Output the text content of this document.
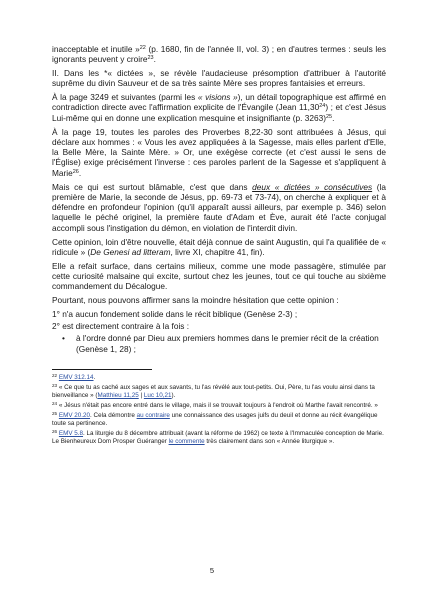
inacceptable et inutile »$^{22}$ (p. 1680, fin de l'année II, vol. 3) ; en d'autres termes : seuls les ignorants peuvent y croire$^{23}$.

II. Dans les *« dictées », se révèle l'audacieuse présomption d'attribuer à l'autorité suprême du divin Sauveur et de sa très sainte Mère ses propres fantaisies et erreurs.

À la page 3249 et suivantes (parmi les « visions »), un détail topographique est affirmé en contradiction directe avec l'affirmation explicite de l'Évangile (Jean 11,30$^{24}$) ; et c'est Jésus Lui-même qui en donne une explication mesquine et insignifiante (p. 3263)$^{25}$.

À la page 19, toutes les paroles des Proverbes 8,22-30 sont attribuées à Jésus, qui déclare aux hommes : « Vous les avez appliquées à la Sagesse, mais elles parlent d'Elle, la Belle Mère, la Sainte Mère. » Or, une exégèse correcte (et c'est aussi le sens de l'Église) exige précisément l'inverse : ces paroles parlent de la Sagesse et s'appliquent à Marie$^{26}$.

Mais ce qui est surtout blâmable, c'est que dans deux « dictées » consécutives (la première de Marie, la seconde de Jésus, pp. 69-73 et 73-74), on cherche à expliquer et à défendre en profondeur l'opinion (qu'il apparaît aussi ailleurs, par exemple p. 346) selon laquelle le péché originel, la première faute d'Adam et Ève, aurait été l'acte conjugal accompli sous l'instigation du démon, en violation de l'interdit divin.

Cette opinion, loin d'être nouvelle, était déjà connue de saint Augustin, qui l'a qualifiée de « ridicule » (De Genesi ad litteram, livre XI, chapitre 41, fin).

Elle a refait surface, dans certains milieux, comme une mode passagère, stimulée par cette curiosité malsaine qui excite, surtout chez les jeunes, tout ce qui touche au sixième commandement du Décalogue.

Pourtant, nous pouvons affirmer sans la moindre hésitation que cette opinion :

1° n'a aucun fondement solide dans le récit biblique (Genèse 2-3) ;

2° est directement contraire à la fois :

•	à l'ordre donné par Dieu aux premiers hommes dans le premier récit de la création (Genèse 1, 28) ;

$^{22}$ EMV 312.14.

$^{23}$ « Ce que tu as caché aux sages et aux savants, tu l'as révélé aux tout-petits. Oui, Père, tu l'as voulu ainsi dans ta bienveillance » (Matthieu 11,25 | Luc 10,21).

$^{24}$ « Jésus n'était pas encore entré dans le village, mais il se trouvait toujours à l'endroit où Marthe l'avait rencontré. »

$^{25}$ EMV 20.20. Cela démontre au contraire une connaissance des usages juifs du deuil et donne au récit évangélique toute sa pertinence.

$^{26}$ EMV 5.8. La liturgie du 8 décembre attribuait (avant la réforme de 1962) ce texte à l'Immaculée conception de Marie. Le Bienheureux Dom Prosper Guéranger le commente très clairement dans son « Année liturgique ».

5
